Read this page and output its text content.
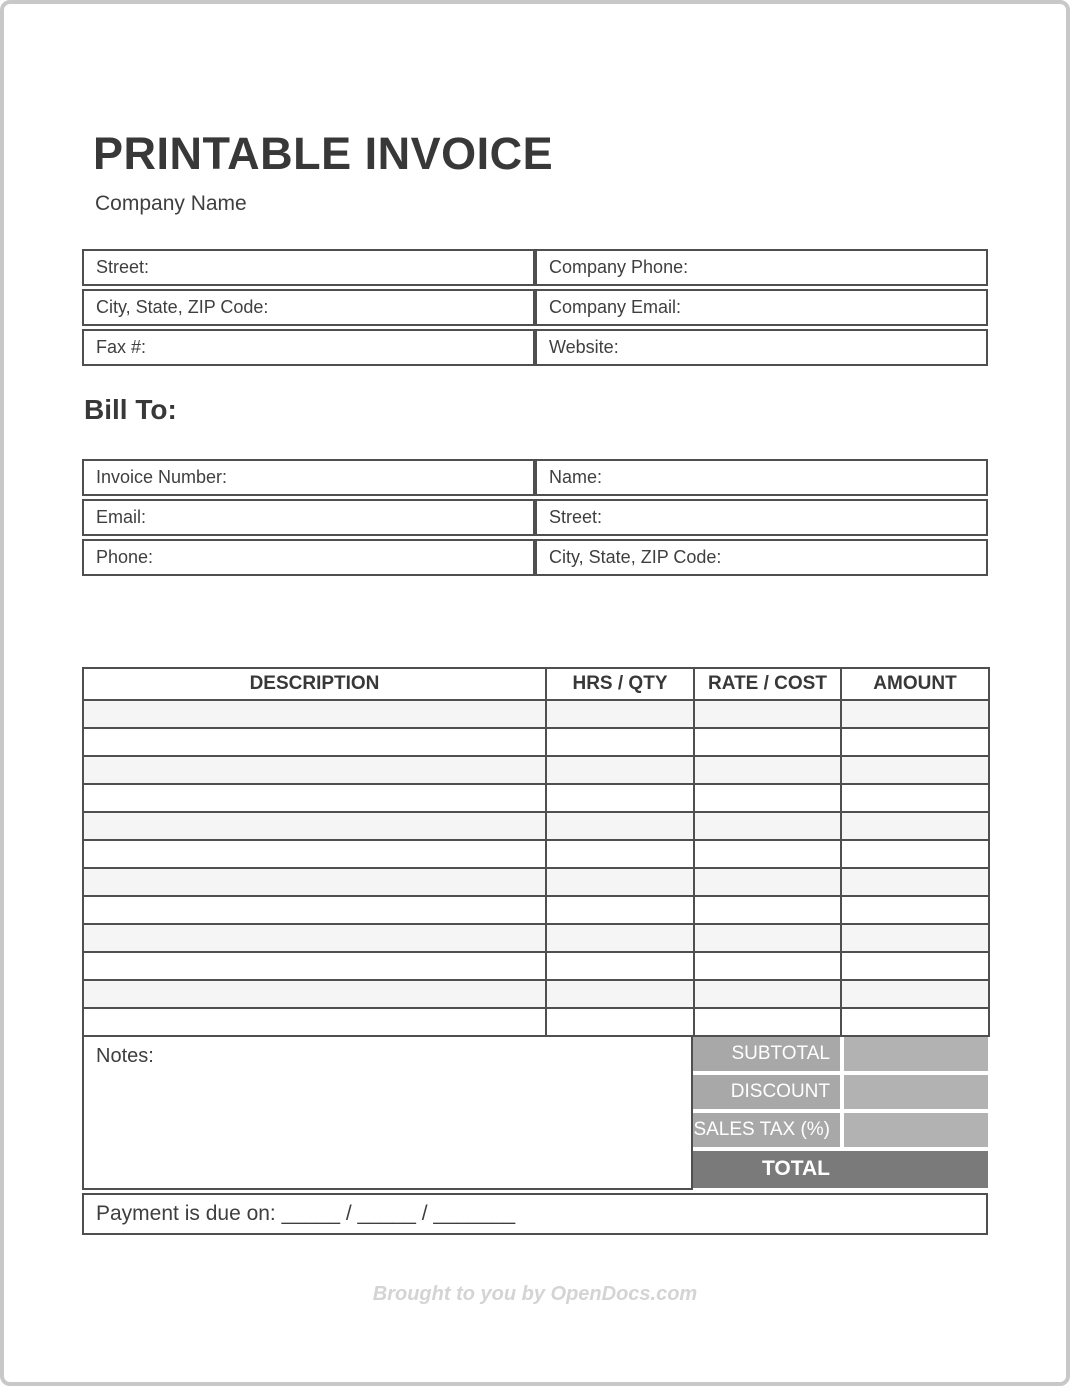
PRINTABLE INVOICE
Company Name
Street:	Company Phone:
City, State, ZIP Code:	Company Email:
Fax #:	Website:
Bill To:
Invoice Number:	Name:
Email:	Street:
Phone:	City, State, ZIP Code:
DESCRIPTION	HRS / QTY	RATE / COST	AMOUNT

Notes:	SUBTOTAL
DISCOUNT
SALES TAX (%)
TOTAL
Payment is due on: _____ / _____ / _______
Brought to you by OpenDocs.com
